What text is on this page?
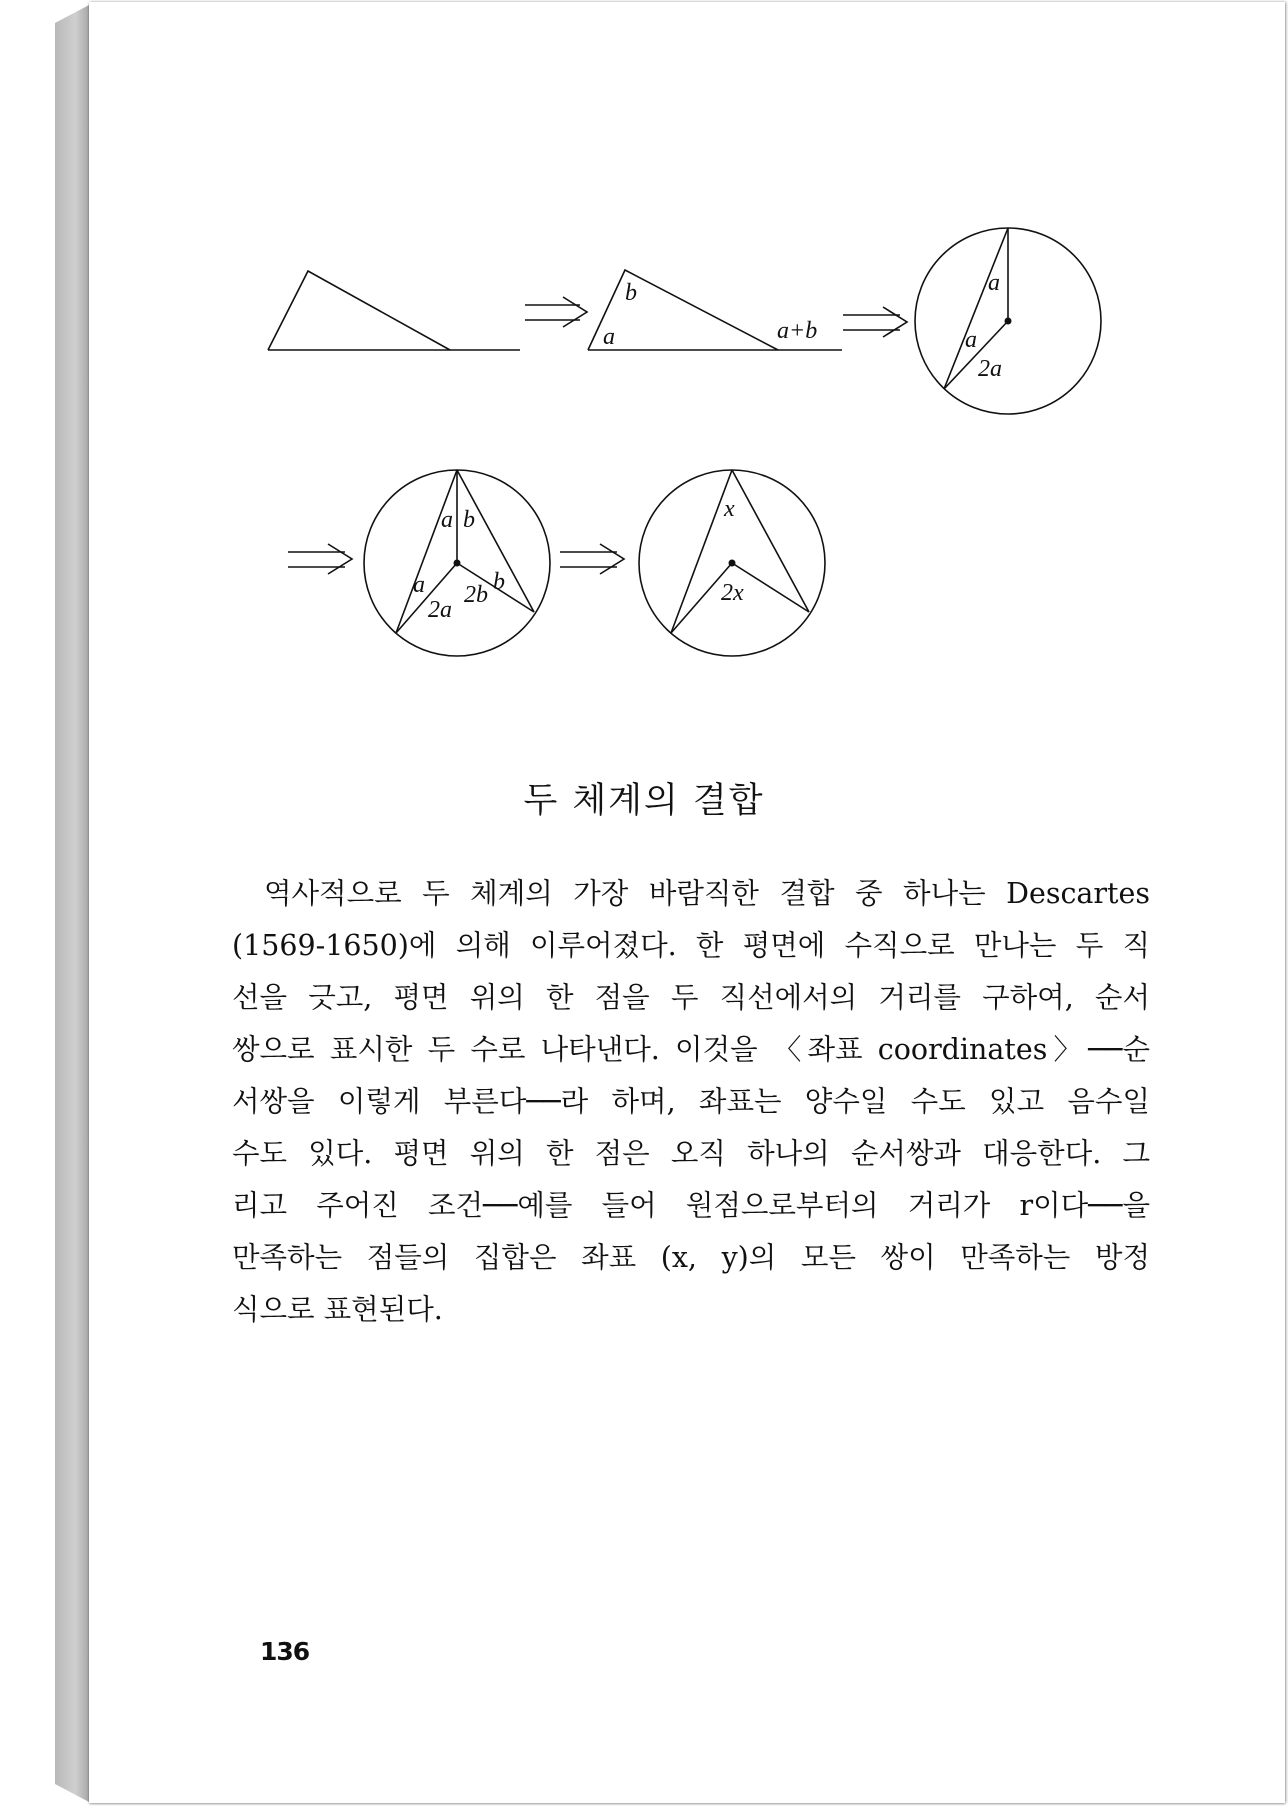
b
a	a+b
a
a
2a
a b
a	b
2a
2b
x
2x
두 체계의 결합
역사적으로 두 체계의 가장 바람직한 결합 중 하나는 Descartes
(1569-1650)에 의해 이루어졌다. 한 평면에 수직으로 만나는 두 직
선을 긋고, 평면 위의 한 점을 두 직선에서의 거리를 구하여, 순서
쌍으로 표시한 두 수로 나타낸다. 이것을 〈좌표 coordinates〉──순
서쌍을 이렇게 부른다──라 하며, 좌표는 양수일 수도 있고 음수일
수도 있다. 평면 위의 한 점은 오직 하나의 순서쌍과 대응한다. 그
리고 주어진 조건──예를 들어 원점으로부터의 거리가 r이다──을
만족하는 점들의 집합은 좌표 (x, y)의 모든 쌍이 만족하는 방정
식으로 표현된다.
136
